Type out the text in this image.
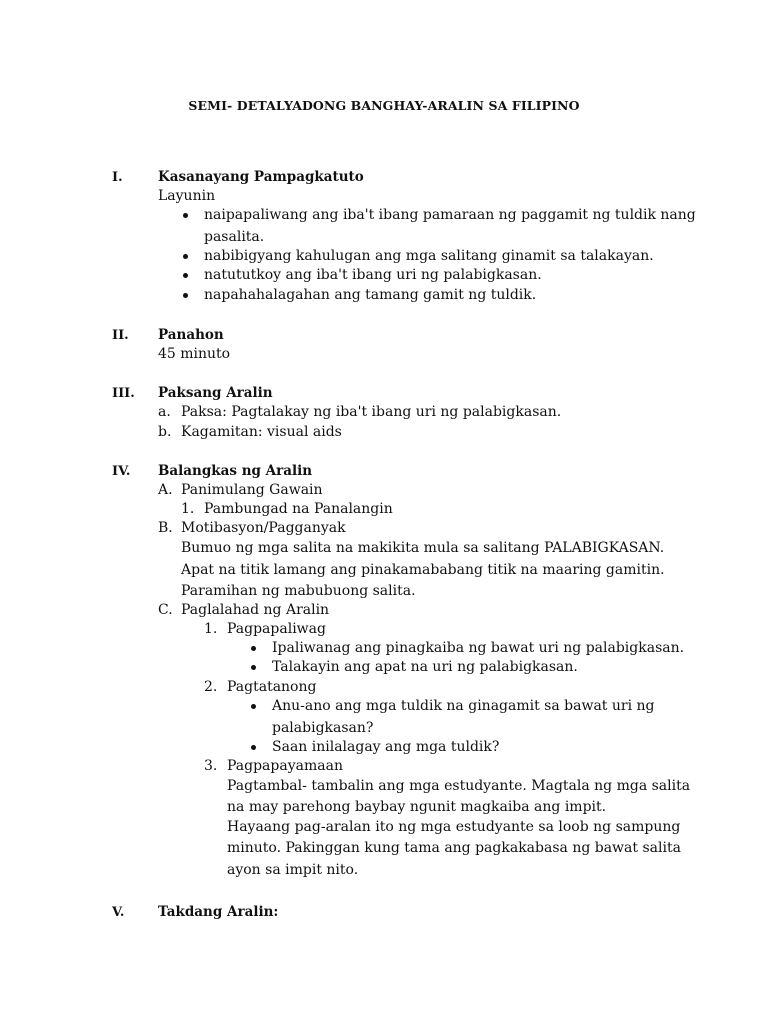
SEMI- DETALYADONG BANGHAY-ARALIN SA FILIPINO
I.	Kasanayang Pampagkatuto
Layunin
naipapaliwang ang iba't ibang pamaraan ng paggamit ng tuldik nang
pasalita.
nabibigyang kahulugan ang mga salitang ginamit sa talakayan.
natututkoy ang iba't ibang uri ng palabigkasan.
napahahalagahan ang tamang gamit ng tuldik.
II. Panahon
45 minuto
III. Paksang Aralin
a. Paksa: Pagtalakay ng iba't ibang uri ng palabigkasan.
b. Kagamitan: visual aids
IV. Balangkas ng Aralin
A. Panimulang Gawain
1. Pambungad na Panalangin
B. Motibasyon/Pagganyak
Bumuo ng mga salita na makikita mula sa salitang PALABIGKASAN.
Apat na titik lamang ang pinakamababang titik na maaring gamitin.
Paramihan ng mabubuong salita.
C. Paglalahad ng Aralin
1. Pagpapaliwag
Ipaliwanag ang pinagkaiba ng bawat uri ng palabigkasan.
Talakayin ang apat na uri ng palabigkasan.
2. Pagtatanong
Anu-ano ang mga tuldik na ginagamit sa bawat uri ng
palabigkasan?
Saan inilalagay ang mga tuldik?
3. Pagpapayamaan
Pagtambal- tambalin ang mga estudyante. Magtala ng mga salita
na may parehong baybay ngunit magkaiba ang impit.
Hayaang pag-aralan ito ng mga estudyante sa loob ng sampung
minuto. Pakinggan kung tama ang pagkakabasa ng bawat salita
ayon sa impit nito.
V. Takdang Aralin:
